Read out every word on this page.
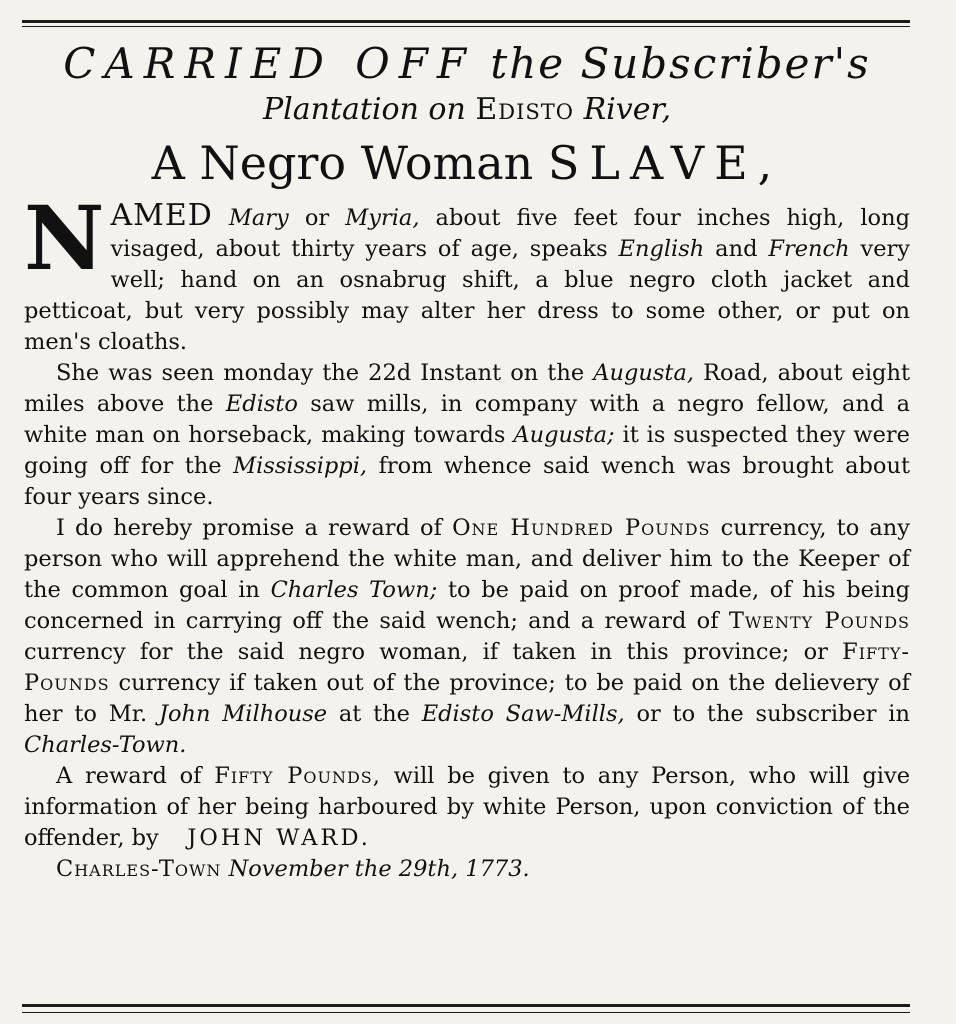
CARRIED OFF the Subscriber's
Plantation on Edisto River,
A Negro Woman SLAVE,

NAMED Mary or Myria, about five feet four inches high, long visaged, about thirty years of age, speaks English and French very well; hand on an osnabrug shift, a blue negro cloth jacket and petticoat, but very possibly may alter her dress to some other, or put on men's cloaths.

She was seen monday the 22d Instant on the Augusta, Road, about eight miles above the Edisto saw mills, in company with a negro fellow, and a white man on horseback, making towards Augusta; it is suspected they were going off for the Mississippi, from whence said wench was brought about four years since.

I do hereby promise a reward of One Hundred Pounds currency, to any person who will apprehend the white man, and deliver him to the Keeper of the common goal in Charles Town; to be paid on proof made, of his being concerned in carrying off the said wench; and a reward of Twenty Pounds currency for the said negro woman, if taken in this province; or Fifty-Pounds currency if taken out of the province; to be paid on the delievery of her to Mr. John Milhouse at the Edisto Saw-Mills, or to the subscriber in Charles-Town.

A reward of Fifty Pounds, will be given to any Person, who will give information of her being harboured by white Person, upon conviction of the offender, by JOHN WARD.

Charles-Town November the 29th, 1773.
